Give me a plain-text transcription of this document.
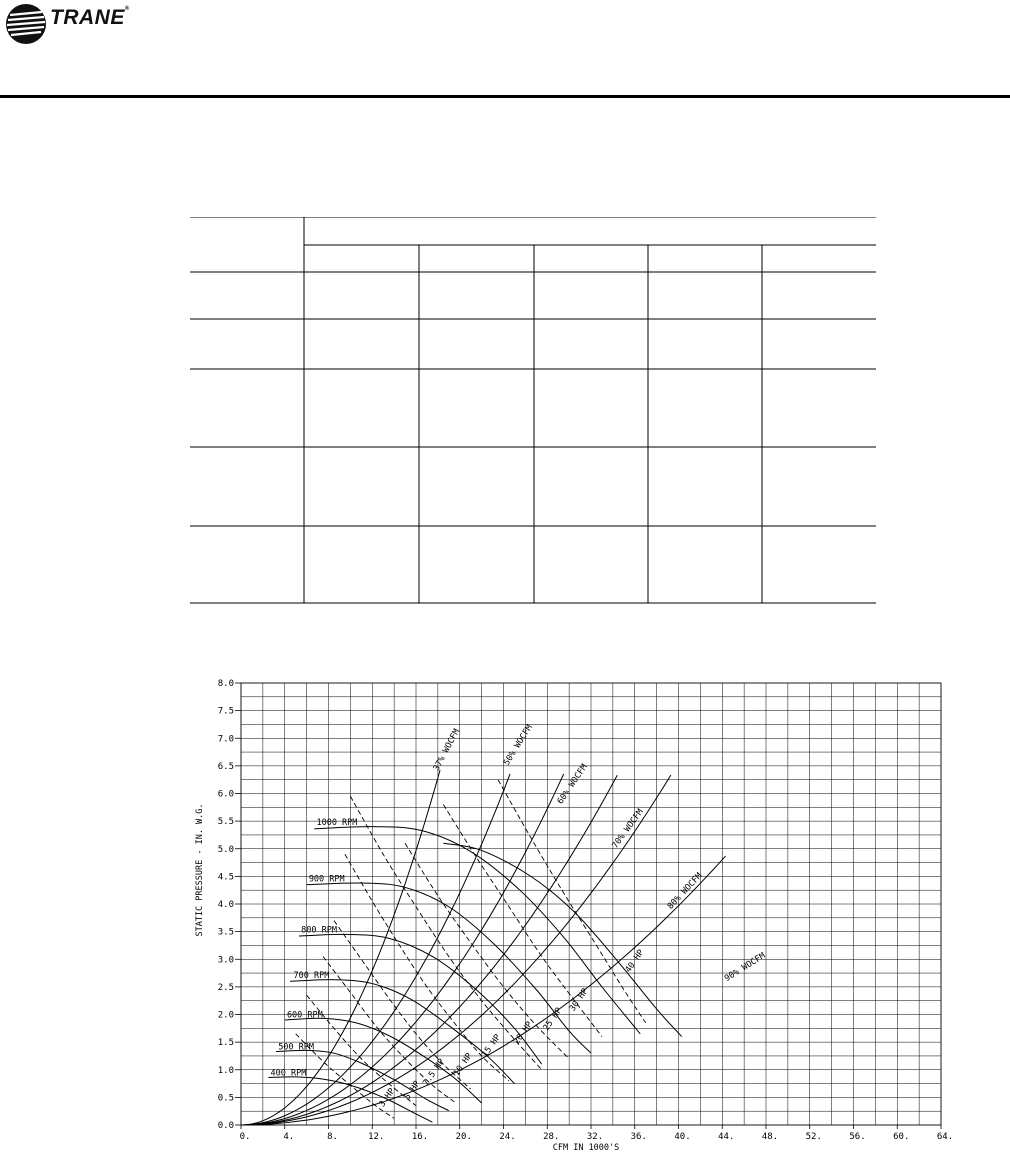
TRANE®
0.	4.	8.	12.	16.	20.	24.	28.	32.	36.	40.	44.	48.	52.	56.	60.	64.
0.0
0.5
1.0
1.5
2.0
2.5
3.0
3.5
4.0
4.5
5.0
5.5
6.0
6.5
7.0
7.5
8.0
37% WOCFM	50% WOCFM
60% WOCFM
70% WOCFM
80% WOCFM
90% WOCFM
400 RPM
500 RPM
600 RPM
700 RPM
800 RPM
900 RPM
1000 RPM
3 HP 5 HP
7.5 HP 10 HP
15 HP 20 HP
25 HP
30 HP
40 HP
CFM IN 1000'S
STATIC PRESSURE - IN. W.G.
